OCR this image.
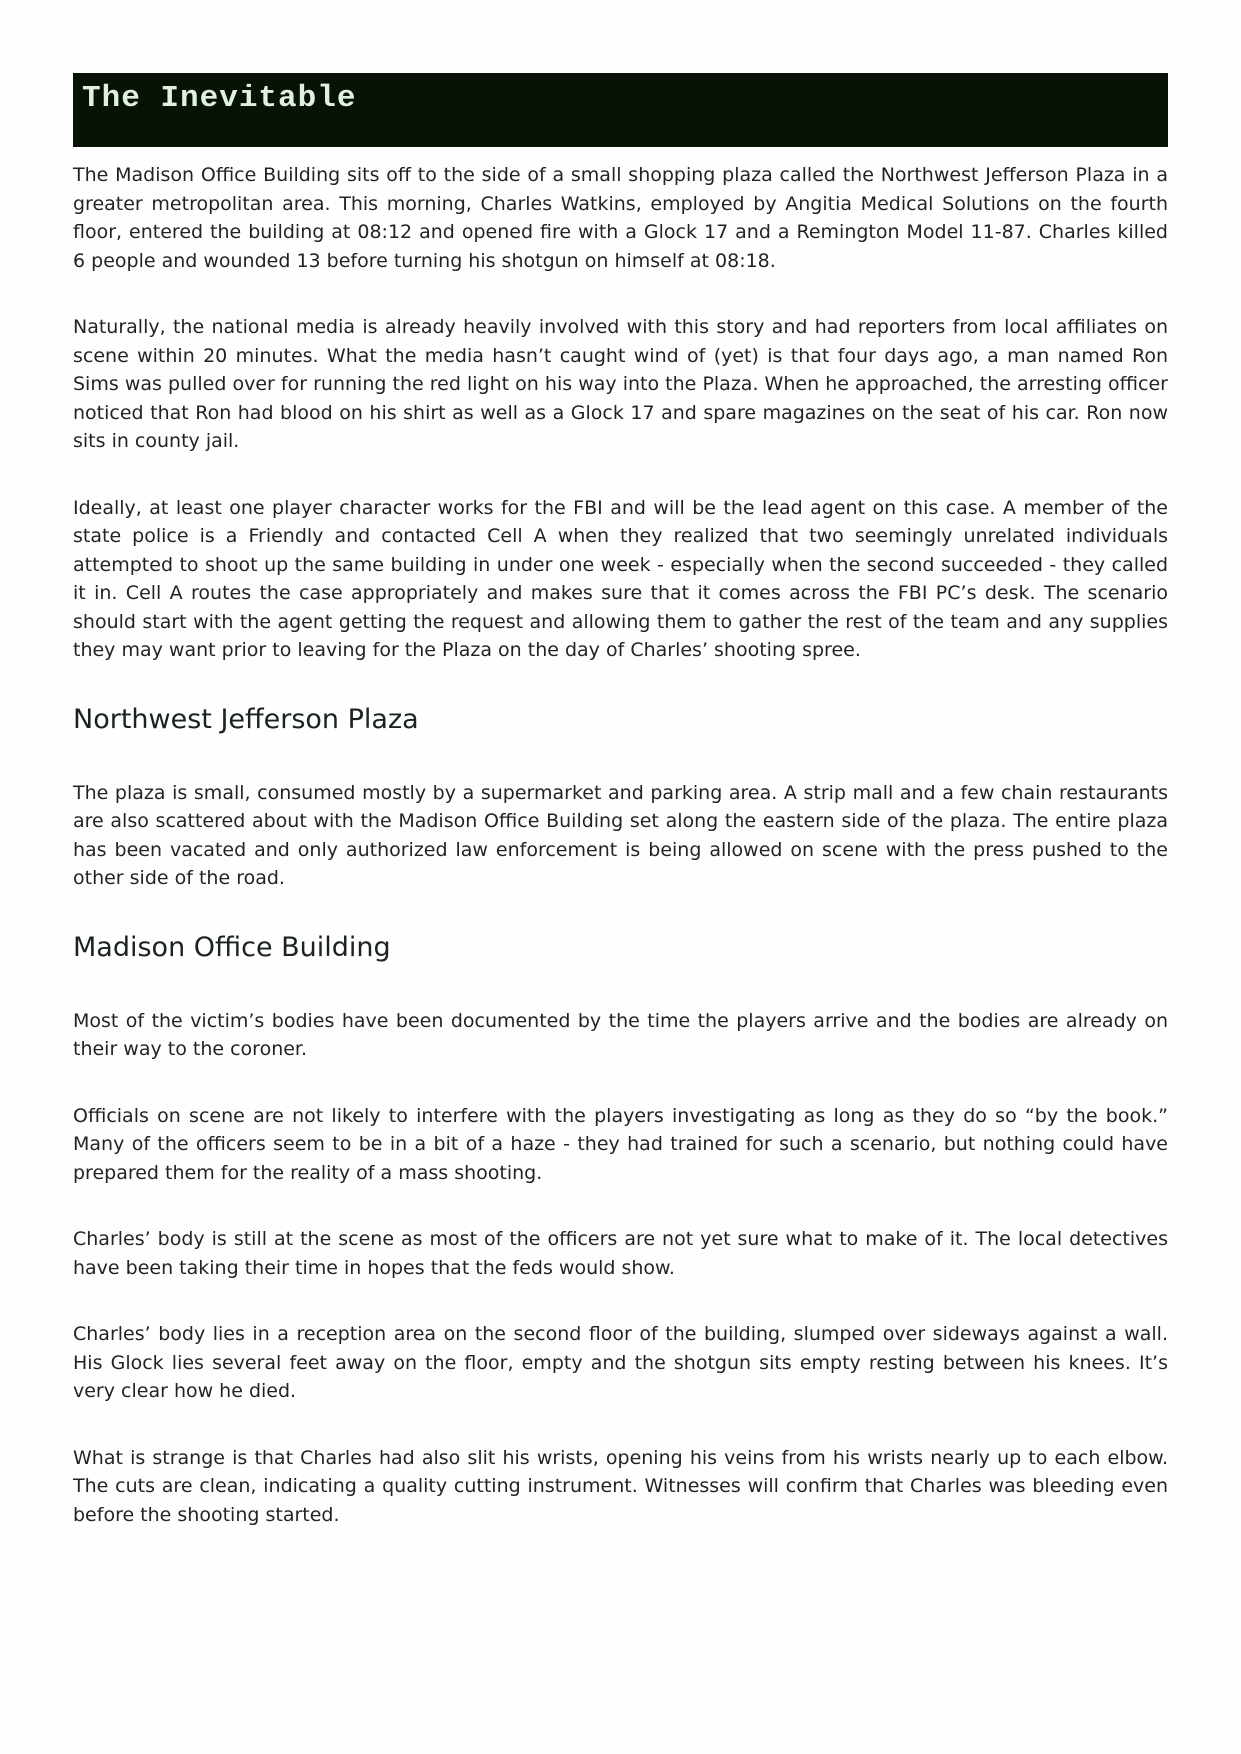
The Inevitable

The Madison Office Building sits off to the side of a small shopping plaza called the Northwest Jefferson Plaza in a greater metropolitan area. This morning, Charles Watkins, employed by Angitia Medical Solutions on the fourth floor, entered the building at 08:12 and opened fire with a Glock 17 and a Remington Model 11-87. Charles killed 6 people and wounded 13 before turning his shotgun on himself at 08:18.

Naturally, the national media is already heavily involved with this story and had reporters from local affiliates on scene within 20 minutes. What the media hasn’t caught wind of (yet) is that four days ago, a man named Ron Sims was pulled over for running the red light on his way into the Plaza. When he approached, the arresting officer noticed that Ron had blood on his shirt as well as a Glock 17 and spare magazines on the seat of his car. Ron now sits in county jail.

Ideally, at least one player character works for the FBI and will be the lead agent on this case. A member of the state police is a Friendly and contacted Cell A when they realized that two seemingly unrelated individuals attempted to shoot up the same building in under one week - especially when the second succeeded - they called it in. Cell A routes the case appropriately and makes sure that it comes across the FBI PC’s desk. The scenario should start with the agent getting the request and allowing them to gather the rest of the team and any supplies they may want prior to leaving for the Plaza on the day of Charles’ shooting spree.

Northwest Jefferson Plaza

The plaza is small, consumed mostly by a supermarket and parking area. A strip mall and a few chain restaurants are also scattered about with the Madison Office Building set along the eastern side of the plaza. The entire plaza has been vacated and only authorized law enforcement is being allowed on scene with the press pushed to the other side of the road.

Madison Office Building

Most of the victim’s bodies have been documented by the time the players arrive and the bodies are already on their way to the coroner.

Officials on scene are not likely to interfere with the players investigating as long as they do so “by the book.” Many of the officers seem to be in a bit of a haze - they had trained for such a scenario, but nothing could have prepared them for the reality of a mass shooting.

Charles’ body is still at the scene as most of the officers are not yet sure what to make of it. The local detectives have been taking their time in hopes that the feds would show.

Charles’ body lies in a reception area on the second floor of the building, slumped over sideways against a wall. His Glock lies several feet away on the floor, empty and the shotgun sits empty resting between his knees. It’s very clear how he died.

What is strange is that Charles had also slit his wrists, opening his veins from his wrists nearly up to each elbow. The cuts are clean, indicating a quality cutting instrument. Witnesses will confirm that Charles was bleeding even before the shooting started.
